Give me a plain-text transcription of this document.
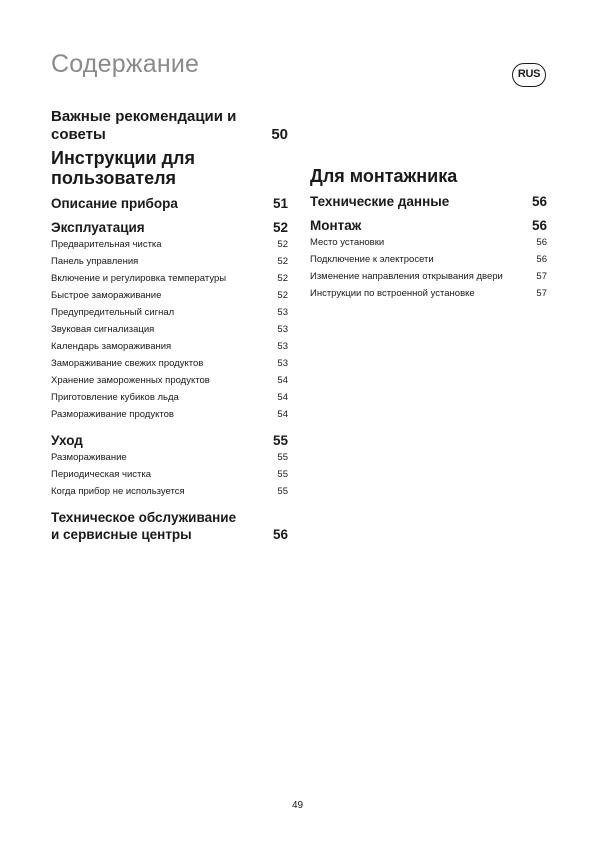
Содержание	RUS
Важные рекомендации и
советы	50
Инструкции для
пользователя
Описание прибора	51
Эксплуатация	52
Предварительная чистка	52
Панель управления	52
Включение и регулировка температуры	52
Быстрое замораживание	52
Предупредительный сигнал	53
Звуковая сигнализация	53
Календарь замораживания	53
Замораживание свежих продуктов	53
Хранение замороженных продуктов	54
Приготовление кубиков льда	54
Размораживание продуктов	54
Уход	55
Размораживание	55
Периодическая чистка	55
Когда прибор не используется	55
Техническое обслуживание
и сервисные центры	56
Для монтажника
Технические данные	56
Монтаж	56
Место установки	56
Подключение к электросети	56
Изменение направления открывания двери	57
Инструкции по встроенной установке	57
49
